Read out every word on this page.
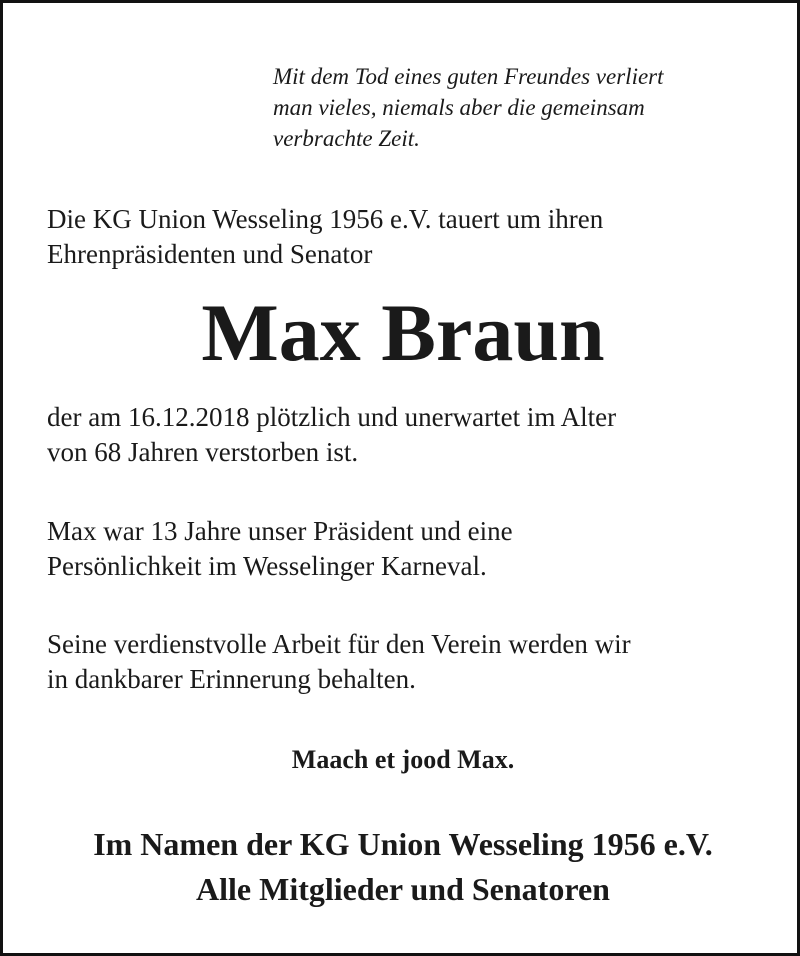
Mit dem Tod eines guten Freundes verliert
man vieles, niemals aber die gemeinsam
verbrachte Zeit.
Die KG Union Wesseling 1956 e.V. tauert um ihren
Ehrenpräsidenten und Senator
Max Braun
der am 16.12.2018 plötzlich und unerwartet im Alter
von 68 Jahren verstorben ist.
Max war 13 Jahre unser Präsident und eine
Persönlichkeit im Wesselinger Karneval.
Seine verdienstvolle Arbeit für den Verein werden wir
in dankbarer Erinnerung behalten.
Maach et jood Max.
Im Namen der KG Union Wesseling 1956 e.V.
Alle Mitglieder und Senatoren
